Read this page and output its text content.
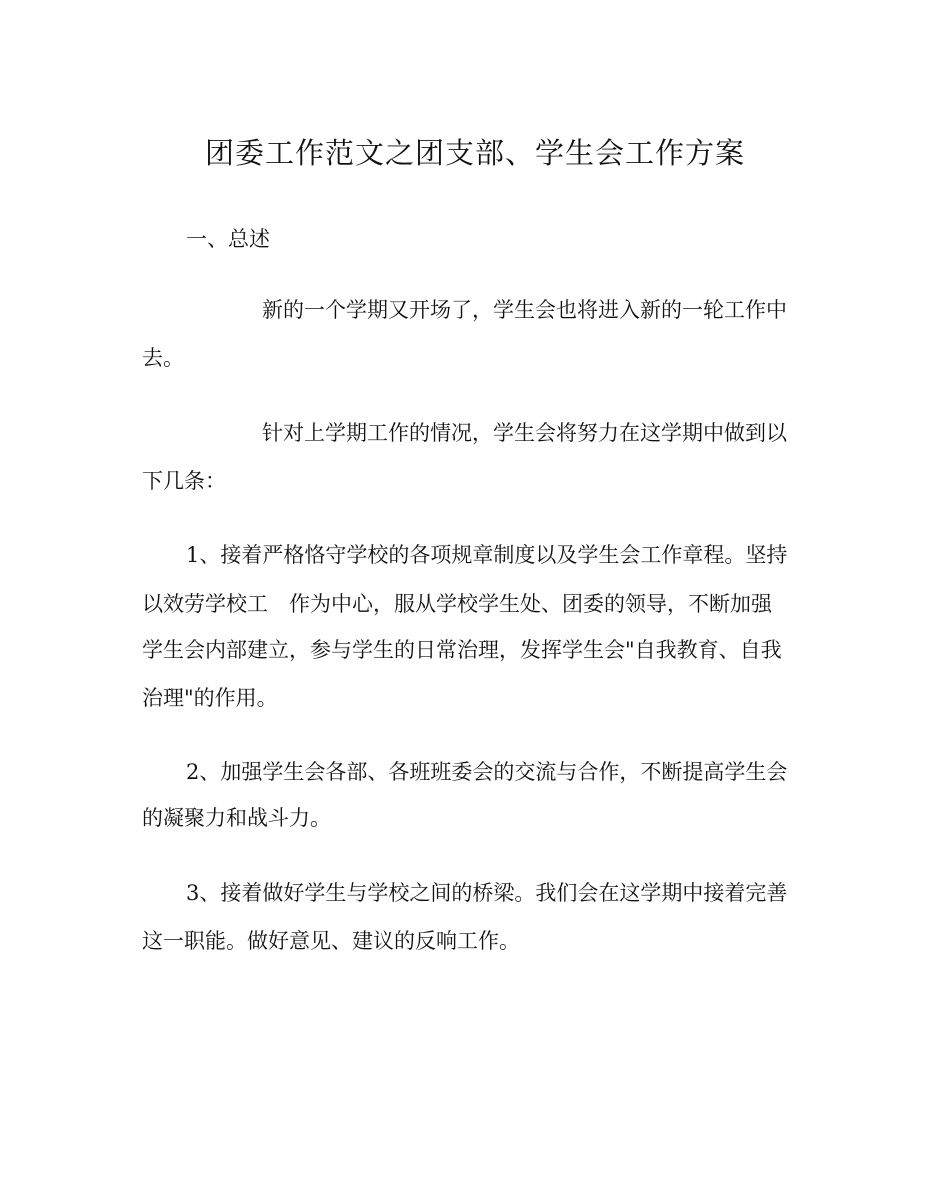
团委工作范文之团支部、学生会工作方案
一、总述
新的一个学期又开场了，学生会也将进入新的一轮工作中
去。
针对上学期工作的情况，学生会将努力在这学期中做到以
下几条：
1、接着严格恪守学校的各项规章制度以及学生会工作章程。坚持
以效劳学校工　作为中心，服从学校学生处、团委的领导，不断加强
学生会内部建立，参与学生的日常治理，发挥学生会"自我教育、自我
治理"的作用。
2、加强学生会各部、各班班委会的交流与合作，不断提高学生会
的凝聚力和战斗力。
3、接着做好学生与学校之间的桥梁。我们会在这学期中接着完善
这一职能。做好意见、建议的反响工作。
